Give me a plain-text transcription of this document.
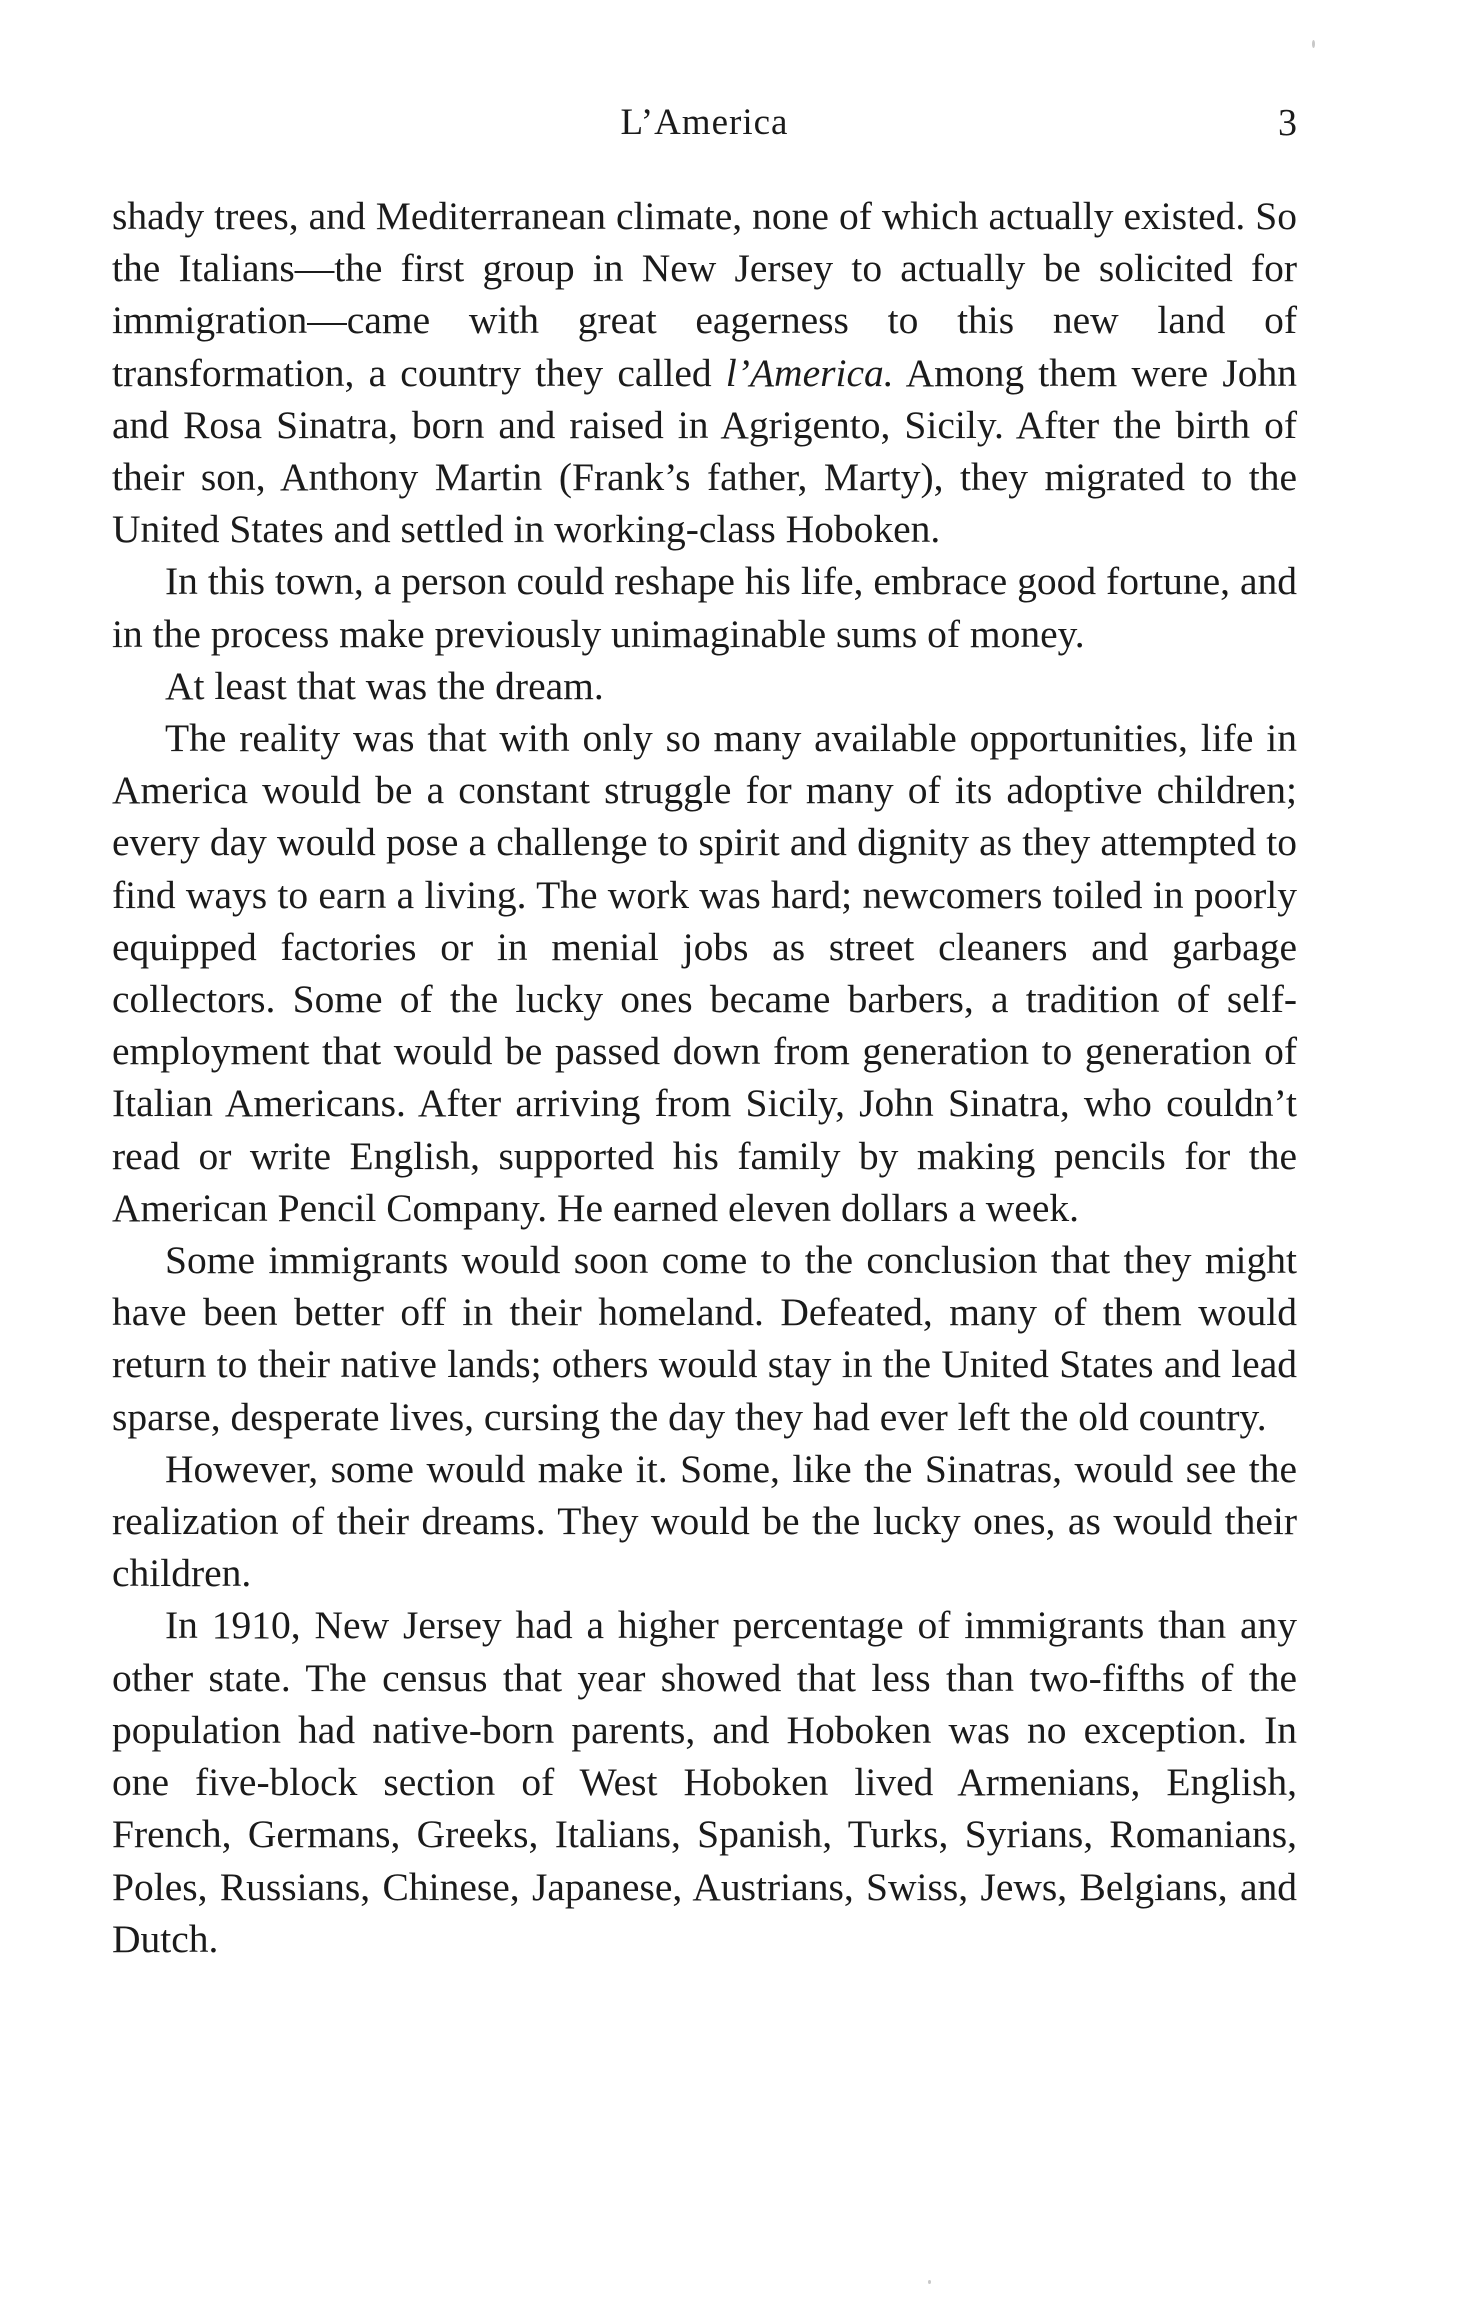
L’America	3

shady trees, and Mediterranean climate, none of which actually existed. So the Italians—the first group in New Jersey to actually be solicited for immigration—came with great eagerness to this new land of transformation, a country they called l’America. Among them were John and Rosa Sinatra, born and raised in Agrigento, Sicily. After the birth of their son, Anthony Martin (Frank’s father, Marty), they migrated to the United States and settled in working-class Hoboken.

In this town, a person could reshape his life, embrace good fortune, and in the process make previously unimaginable sums of money.

At least that was the dream.

The reality was that with only so many available opportunities, life in America would be a constant struggle for many of its adoptive children; every day would pose a challenge to spirit and dignity as they attempted to find ways to earn a living. The work was hard; newcomers toiled in poorly equipped factories or in menial jobs as street cleaners and garbage collectors. Some of the lucky ones became barbers, a tradition of self-employment that would be passed down from generation to generation of Italian Americans. After arriving from Sicily, John Sinatra, who couldn’t read or write English, supported his family by making pencils for the American Pencil Company. He earned eleven dollars a week.

Some immigrants would soon come to the conclusion that they might have been better off in their homeland. Defeated, many of them would return to their native lands; others would stay in the United States and lead sparse, desperate lives, cursing the day they had ever left the old country.

However, some would make it. Some, like the Sinatras, would see the realization of their dreams. They would be the lucky ones, as would their children.

In 1910, New Jersey had a higher percentage of immigrants than any other state. The census that year showed that less than two-fifths of the population had native-born parents, and Hoboken was no exception. In one five-block section of West Hoboken lived Armenians, English, French, Germans, Greeks, Italians, Spanish, Turks, Syrians, Romanians, Poles, Russians, Chinese, Japanese, Austrians, Swiss, Jews, Belgians, and Dutch.
